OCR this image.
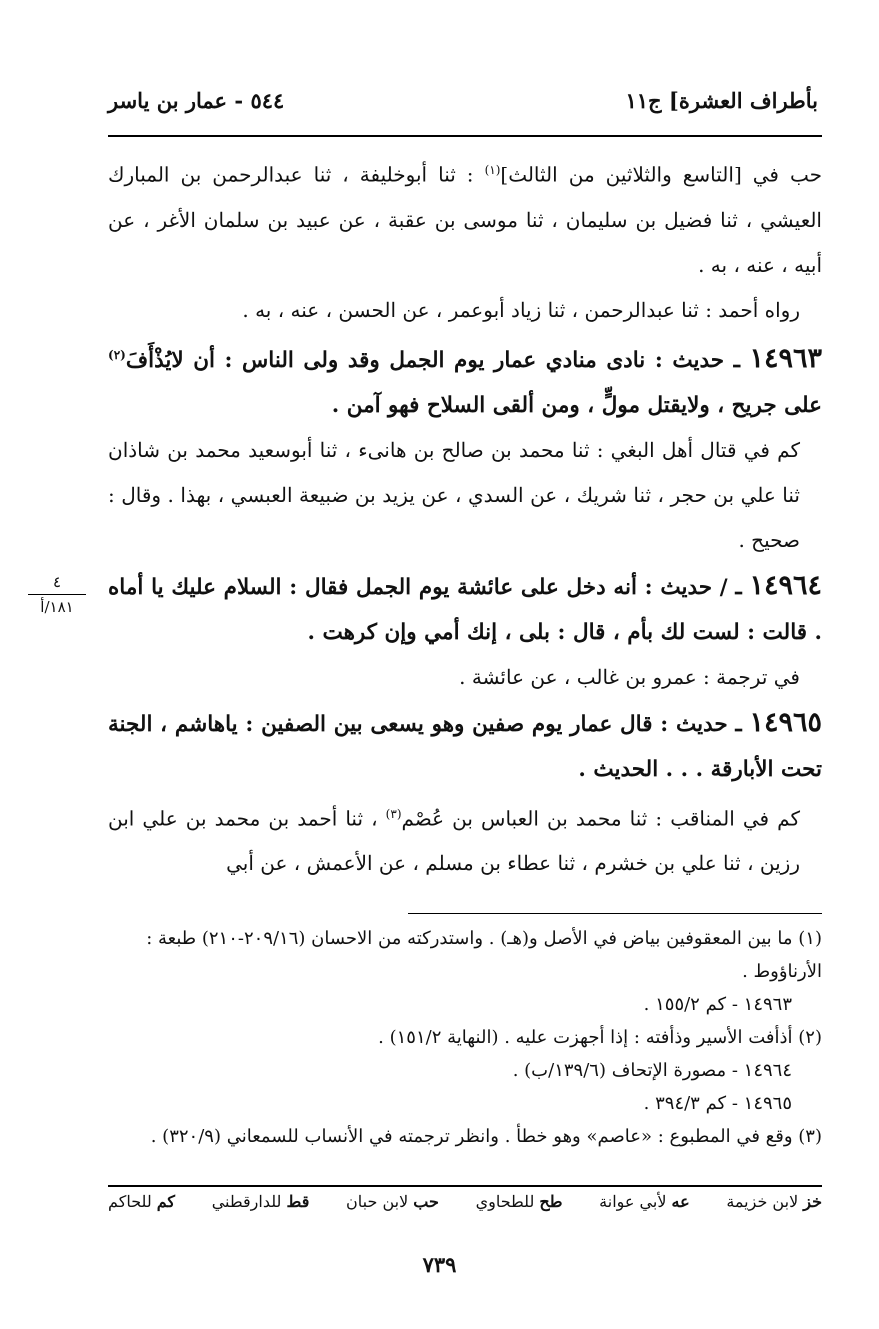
بأطراف العشرة] ج١١
٥٤٤ - عمار بن ياسر
٤
١٨١/أ

حب في [التاسع والثلاثين من الثالث]$^{(١)}$ : ثنا أبوخليفة ، ثنا عبدالرحمن بن المبارك العيشي ، ثنا فضيل بن سليمان ، ثنا موسى بن عقبة ، عن عبيد بن سلمان الأغر ، عن أبيه ، عنه ، به .

رواه أحمد : ثنا عبدالرحمن ، ثنا زياد أبوعمر ، عن الحسن ، عنه ، به .

١٤٩٦٣ ـ حديث : نادى منادي عمار يوم الجمل وقد ولى الناس : أن لايُذْأَفَ$^{(٢)}$ على جريح ، ولايقتل مولٍّ ، ومن ألقى السلاح فهو آمن .

كم في قتال أهل البغي : ثنا محمد بن صالح بن هانىء ، ثنا أبوسعيد محمد بن شاذان ثنا علي بن حجر ، ثنا شريك ، عن السدي ، عن يزيد بن ضبيعة العبسي ، بهذا . وقال : صحيح .

١٤٩٦٤ ـ / حديث : أنه دخل على عائشة يوم الجمل فقال : السلام عليك يا أماه . قالت : لست لك بأم ، قال : بلى ، إنك أمي وإن كرهت .

في ترجمة : عمرو بن غالب ، عن عائشة .

١٤٩٦٥ ـ حديث : قال عمار يوم صفين وهو يسعى بين الصفين : ياهاشم ، الجنة تحت الأبارقة . . . الحديث .

كم في المناقب : ثنا محمد بن العباس بن عُصْم$^{(٣)}$ ، ثنا أحمد بن محمد بن علي ابن رزين ، ثنا علي بن خشرم ، ثنا عطاء بن مسلم ، عن الأعمش ، عن أبي

(١) ما بين المعقوفين بياض في الأصل و(هـ) . واستدركته من الاحسان (٢٠٩/١٦-٢١٠) طبعة : الأرناؤوط .

١٤٩٦٣ - كم ١٥٥/٢ .

(٢) أذأفت الأسير وذأفته : إذا أجهزت عليه . (النهاية ١٥١/٢) .

١٤٩٦٤ - مصورة الإتحاف (١٣٩/٦/ب) .

١٤٩٦٥ - كم ٣٩٤/٣ .

(٣) وقع في المطبوع : «عاصم» وهو خطأ . وانظر ترجمته في الأنساب للسمعاني (٣٢٠/٩) .

خز لابن خزيمة
عه لأبي عوانة
طح للطحاوي
حب لابن حبان
قط للدارقطني
كم للحاكم
٧٣٩
